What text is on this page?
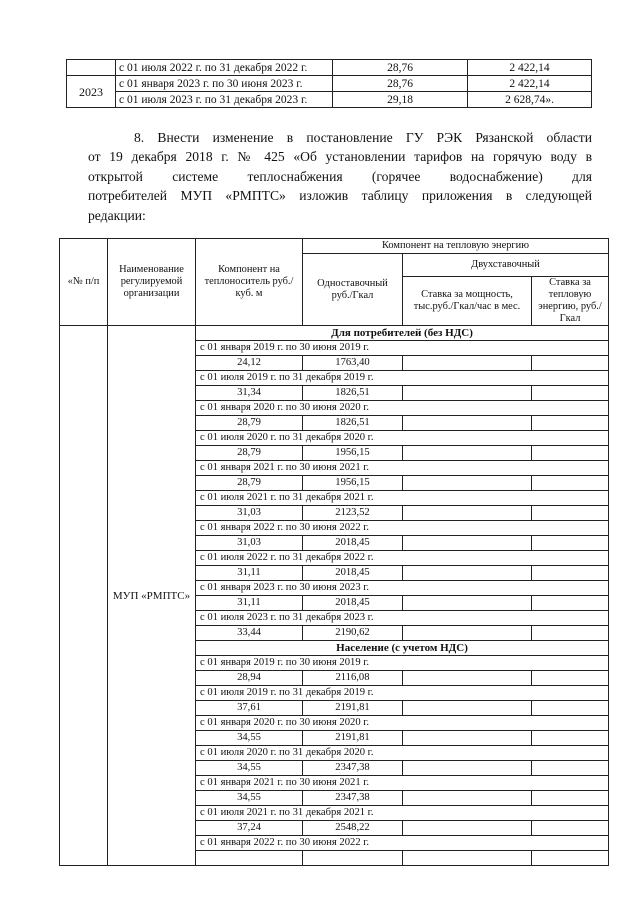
	с 01 июля 2022 г. по 31 декабря 2022 г.	28,76	2 422,14
2023	с 01 января 2023 г. по 30 июня 2023 г.	28,76	2 422,14
	с 01 июля 2023 г. по 31 декабря 2023 г.	29,18	2 628,74».
8. Внести изменение в постановление ГУ РЭК Рязанской области
от 19 декабря 2018 г. № 425 «Об установлении тарифов на горячую воду в
открытой системе теплоснабжения (горячее водоснабжение) для
потребителей МУП «РМПТС» изложив таблицу приложения в следующей
редакции:
«№ п/п	Наименование регулируемой организации	Компонент на теплоноситель руб./куб. м	Компонент на тепловую энергию		
			Одноставочный руб./Гкал	Двухставочный	
				Ставка за мощность, тыс.руб./Гкал/час в мес.	Ставка за тепловую энергию, руб./Гкал
	МУП «РМПТС»	Для потребителей (без НДС)			
		с 01 января 2019 г. по 30 июня 2019 г.			
		24,12	1763,40		
		с 01 июля 2019 г. по 31 декабря 2019 г.			
		31,34	1826,51		
		с 01 января 2020 г. по 30 июня 2020 г.			
		28,79	1826,51		
		с 01 июля 2020 г. по 31 декабря 2020 г.			
		28,79	1956,15		
		с 01 января 2021 г. по 30 июня 2021 г.			
		28,79	1956,15		
		с 01 июля 2021 г. по 31 декабря 2021 г.			
		31,03	2123,52		
		с 01 января 2022 г. по 30 июня 2022 г.			
		31,03	2018,45		
		с 01 июля 2022 г. по 31 декабря 2022 г.			
		31,11	2018,45		
		с 01 января 2023 г. по 30 июня 2023 г.			
		31,11	2018,45		
		с 01 июля 2023 г. по 31 декабря 2023 г.			
		33,44	2190,62		
		Население (с учетом НДС)			
		с 01 января 2019 г. по 30 июня 2019 г.			
		28,94	2116,08		
		с 01 июля 2019 г. по 31 декабря 2019 г.			
		37,61	2191,81		
		с 01 января 2020 г. по 30 июня 2020 г.			
		34,55	2191,81		
		с 01 июля 2020 г. по 31 декабря 2020 г.			
		34,55	2347,38		
		с 01 января 2021 г. по 30 июня 2021 г.			
		34,55	2347,38		
		с 01 июля 2021 г. по 31 декабря 2021 г.			
		37,24	2548,22		
		с 01 января 2022 г. по 30 июня 2022 г.			
